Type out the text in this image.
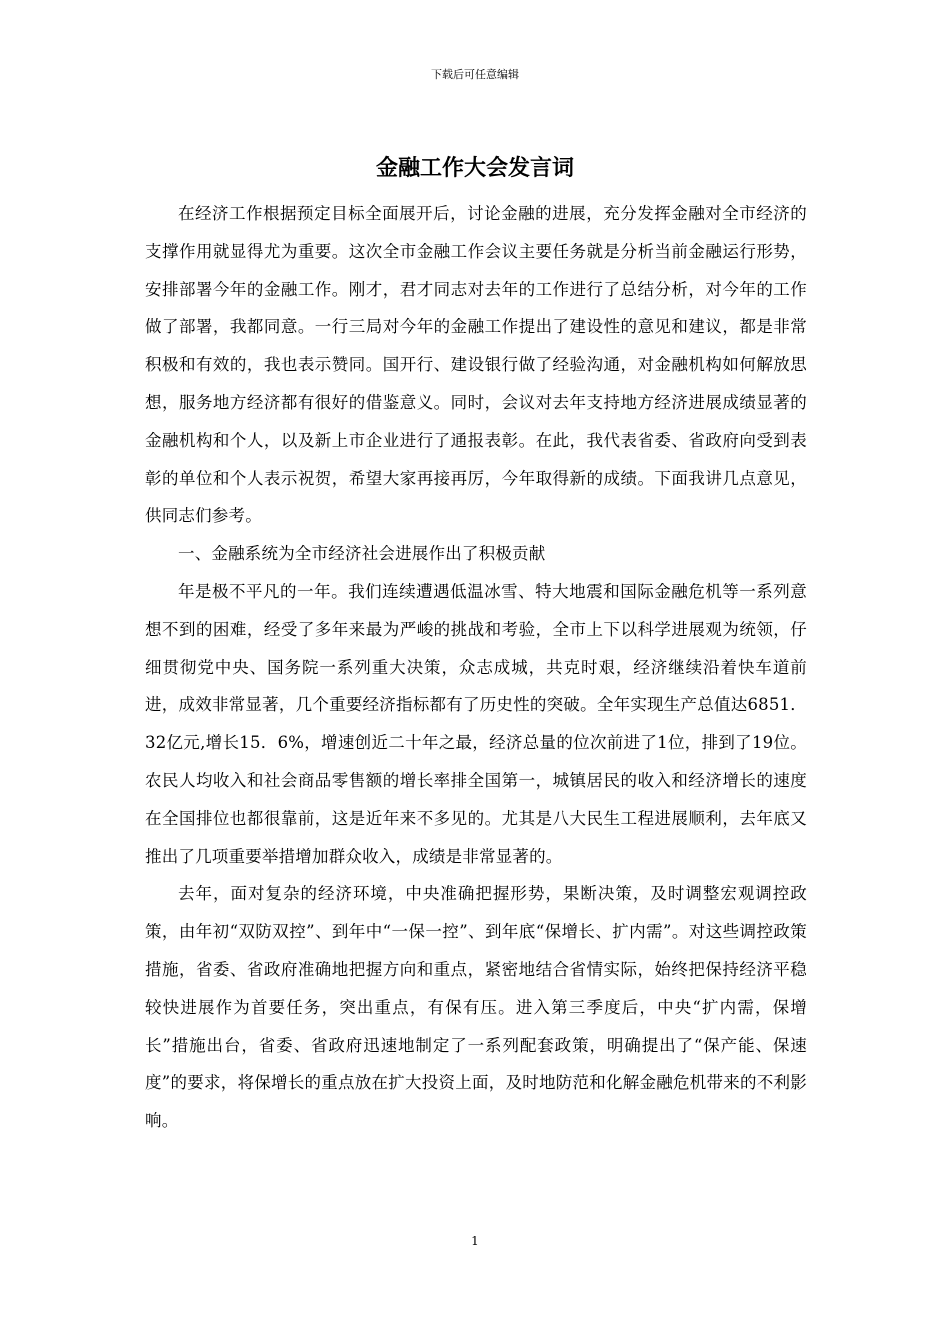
下载后可任意编辑
金融工作大会发言词

在经济工作根据预定目标全面展开后，讨论金融的进展，充分发挥金融对全市经济的支撑作用就显得尤为重要。这次全市金融工作会议主要任务就是分析当前金融运行形势，安排部署今年的金融工作。刚才，君才同志对去年的工作进行了总结分析，对今年的工作做了部署，我都同意。一行三局对今年的金融工作提出了建设性的意见和建议，都是非常积极和有效的，我也表示赞同。国开行、建设银行做了经验沟通，对金融机构如何解放思想，服务地方经济都有很好的借鉴意义。同时，会议对去年支持地方经济进展成绩显著的金融机构和个人，以及新上市企业进行了通报表彰。在此，我代表省委、省政府向受到表彰的单位和个人表示祝贺，希望大家再接再厉，今年取得新的成绩。下面我讲几点意见，供同志们参考。

一、金融系统为全市经济社会进展作出了积极贡献

年是极不平凡的一年。我们连续遭遇低温冰雪、特大地震和国际金融危机等一系列意想不到的困难，经受了多年来最为严峻的挑战和考验，全市上下以科学进展观为统领，仔细贯彻党中央、国务院一系列重大决策，众志成城，共克时艰，经济继续沿着快车道前进，成效非常显著，几个重要经济指标都有了历史性的突破。全年实现生产总值达6851．32亿元,增长15．6%，增速创近二十年之最，经济总量的位次前进了1位，排到了19位。农民人均收入和社会商品零售额的增长率排全国第一，城镇居民的收入和经济增长的速度在全国排位也都很靠前，这是近年来不多见的。尤其是八大民生工程进展顺利，去年底又推出了几项重要举措增加群众收入，成绩是非常显著的。

去年，面对复杂的经济环境，中央准确把握形势，果断决策，及时调整宏观调控政策，由年初“双防双控”、到年中“一保一控”、到年底“保增长、扩内需”。对这些调控政策措施，省委、省政府准确地把握方向和重点，紧密地结合省情实际，始终把保持经济平稳较快进展作为首要任务，突出重点，有保有压。进入第三季度后，中央“扩内需，保增长”措施出台，省委、省政府迅速地制定了一系列配套政策，明确提出了“保产能、保速度”的要求，将保增长的重点放在扩大投资上面，及时地防范和化解金融危机带来的不利影响。

1
